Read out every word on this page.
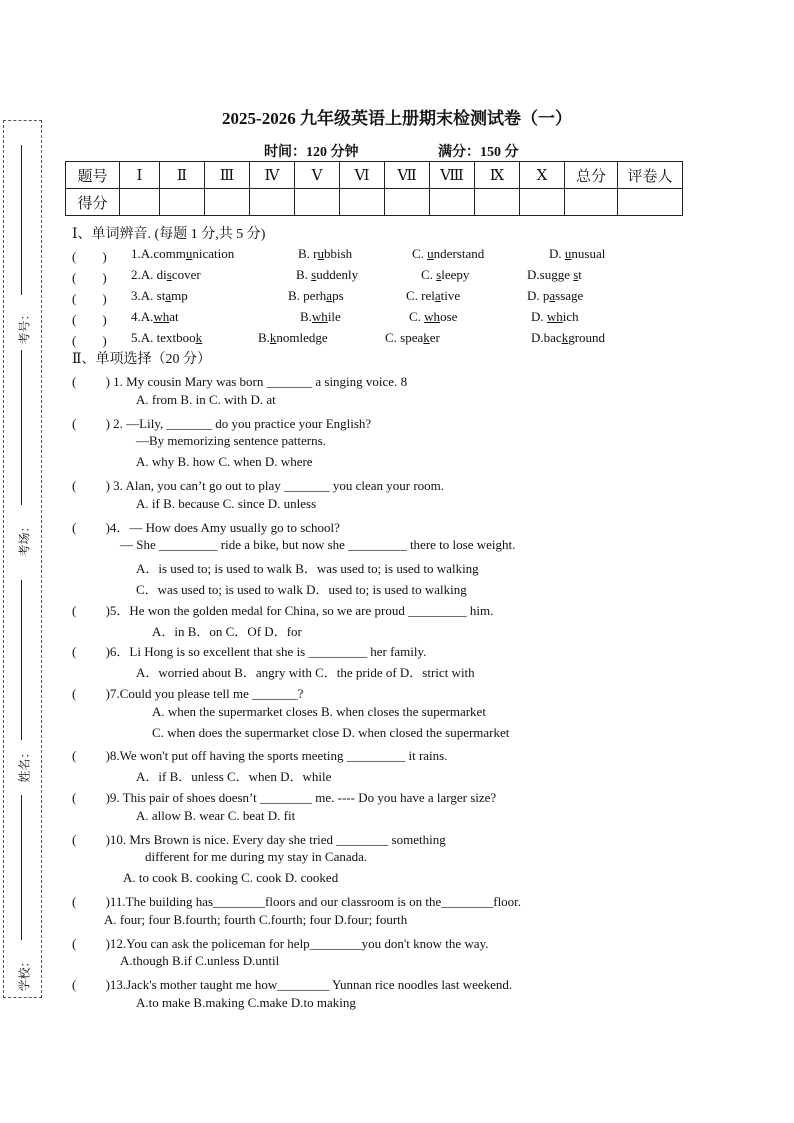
考号：
考场：
姓名：
学校：
2025-2026 九年级英语上册期末检测试卷（一）
时间：120 分钟	满分：150 分
题号	Ⅰ	Ⅱ	Ⅲ	Ⅳ	Ⅴ	Ⅵ	Ⅶ	Ⅷ	Ⅸ	Ⅹ	总分	评卷人
得分												
Ⅰ、单词辨音. (每题 1 分,共 5 分)
(　　) 1.A.communication	B. rubbish	C. understand	D. unusual
(　　) 2.A. discover	B. suddenly	C. sleepy	D.sugge st
(　　) 3.A. stamp	B. perhaps	C. relative	D. passage
(　　) 4.A.what	B.while	C. whose	D. which
(　　) 5.A. textbook	B.knomledge	C. speaker	D.background
Ⅱ、单项选择（20 分）
(　　 ) 1. My cousin Mary was born _______ a singing voice. 8
A. from B. in C. with D. at
(　　 ) 2. —Lily, _______ do you practice your English?
—By memorizing sentence patterns.
A. why B. how C. when D. where
(　　 ) 3. Alan, you can’t go out to play _______ you clean your room.
A. if B. because C. since D. unless
(　　 )4．— How does Amy usually go to school?
— She _________ ride a bike, but now she _________ there to lose weight.
A．is used to; is used to walk B．was used to; is used to walking
C．was used to; is used to walk D．used to; is used to walking
(　　 )5．He won the golden medal for China, so we are proud _________ him.
A．in B．on C．Of D．for
(　　 )6．Li Hong is so excellent that she is _________ her family.
A．worried about B．angry with C．the pride of D．strict with
(　　 )7.Could you please tell me _______?
A. when the supermarket closes B. when closes the supermarket
C. when does the supermarket close D. when closed the supermarket
(　　 )8.We won't put off having the sports meeting _________ it rains.
A．if B．unless C．when D．while
(　　 )9. This pair of shoes doesn’t ________ me. ---- Do you have a larger size?
A. allow B. wear C. beat D. fit
(　　 )10. Mrs Brown is nice. Every day she tried ________ something
different for me during my stay in Canada.
A. to cook B. cooking C. cook D. cooked
(　　 )11.The building has________floors and our classroom is on the________floor.
A. four; four B.fourth; fourth C.fourth; four D.four; fourth
(　　 )12.You can ask the policeman for help________you don't know the way.
A.though B.if C.unless D.until
(　　 )13.Jack's mother taught me how________ Yunnan rice noodles last weekend.
A.to make B.making C.make D.to making
